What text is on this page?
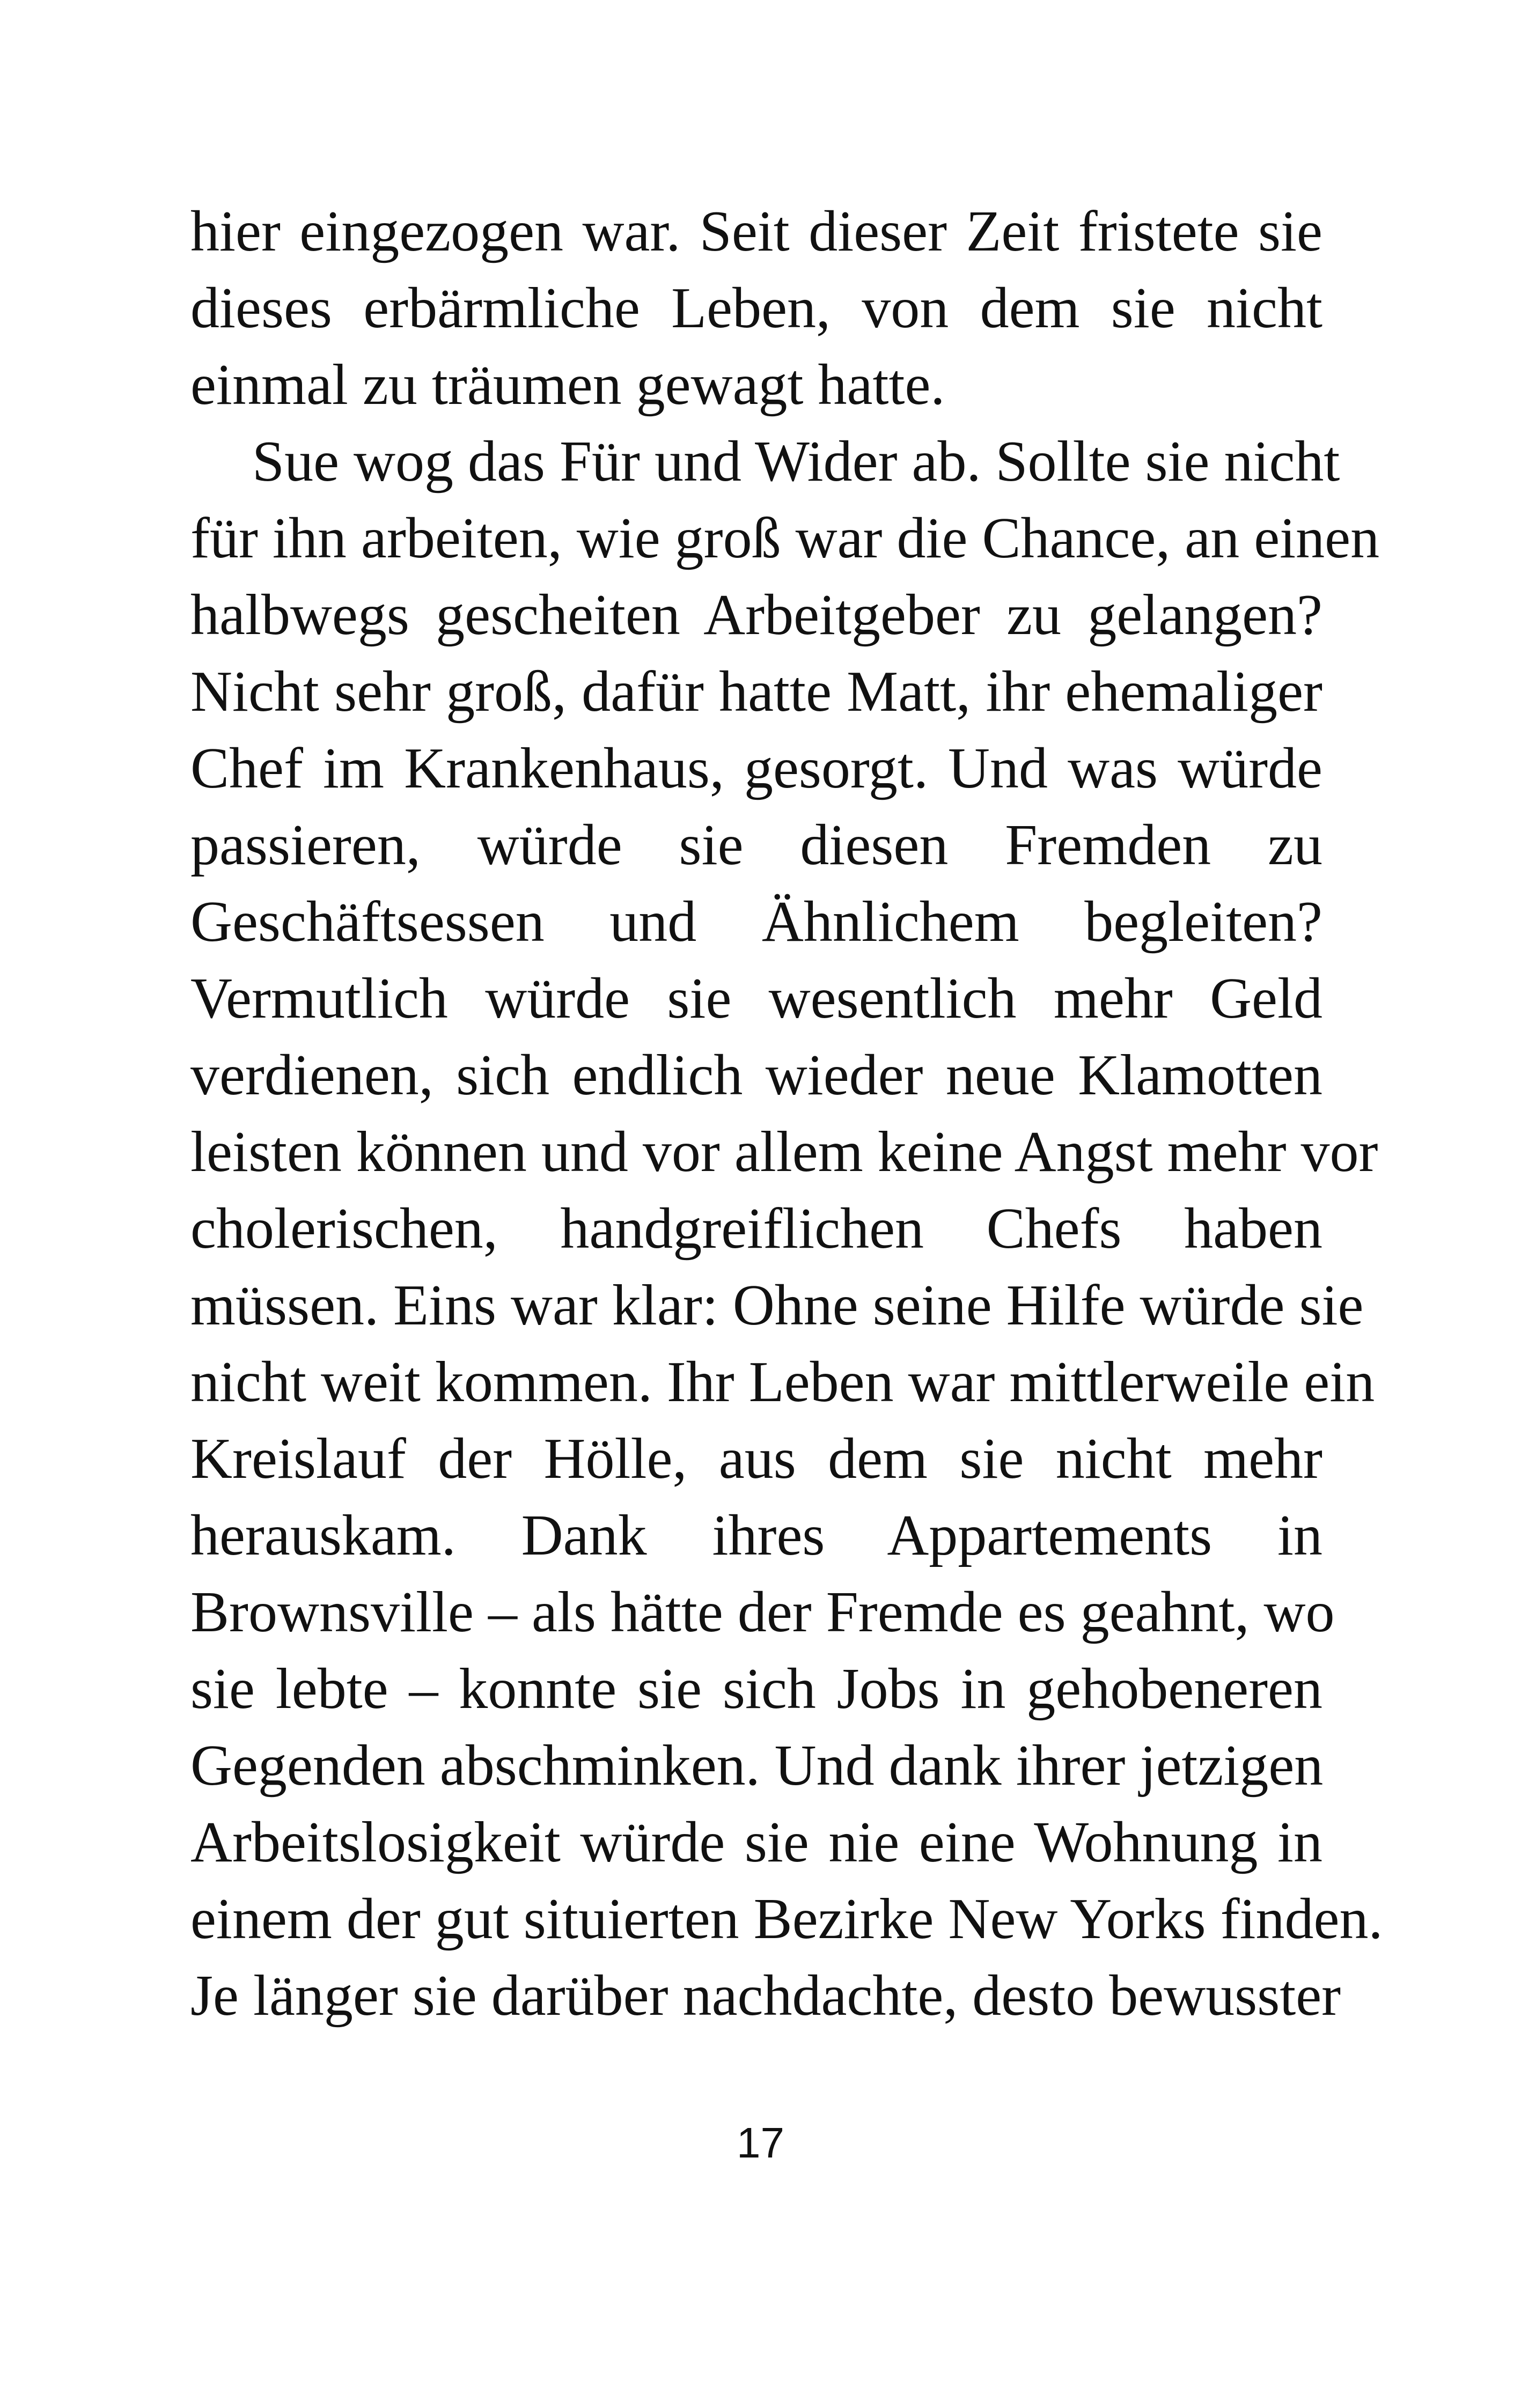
hier eingezogen war. Seit dieser Zeit fristete sie
dieses erbärmliche Leben, von dem sie nicht
einmal zu träumen gewagt hatte.
Sue wog das Für und Wider ab. Sollte sie nicht
für ihn arbeiten, wie groß war die Chance, an einen
halbwegs gescheiten Arbeitgeber zu gelangen?
Nicht sehr groß, dafür hatte Matt, ihr ehemaliger
Chef im Krankenhaus, gesorgt. Und was würde
passieren, würde sie diesen Fremden zu
Geschäftsessen und Ähnlichem begleiten?
Vermutlich würde sie wesentlich mehr Geld
verdienen, sich endlich wieder neue Klamotten
leisten können und vor allem keine Angst mehr vor
cholerischen, handgreiflichen Chefs haben
müssen. Eins war klar: Ohne seine Hilfe würde sie
nicht weit kommen. Ihr Leben war mittlerweile ein
Kreislauf der Hölle, aus dem sie nicht mehr
herauskam. Dank ihres Appartements in
Brownsville – als hätte der Fremde es geahnt, wo
sie lebte – konnte sie sich Jobs in gehobeneren
Gegenden abschminken. Und dank ihrer jetzigen
Arbeitslosigkeit würde sie nie eine Wohnung in
einem der gut situierten Bezirke New Yorks finden.
Je länger sie darüber nachdachte, desto bewusster
17
